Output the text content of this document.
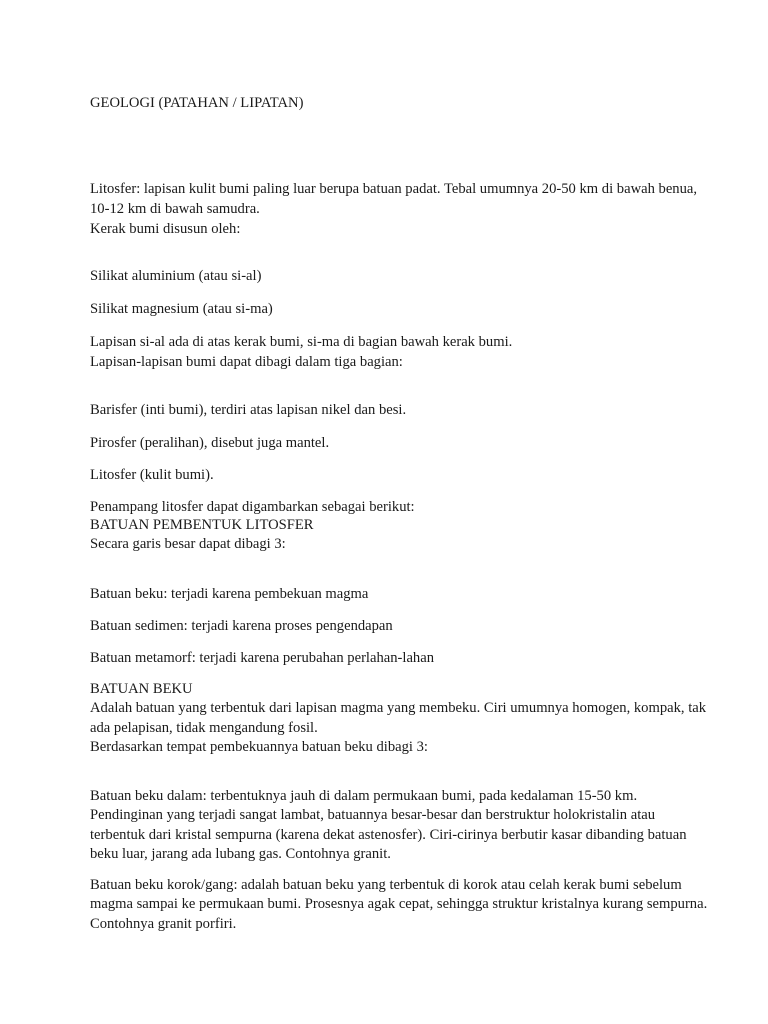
GEOLOGI (PATAHAN / LIPATAN)

Litosfer: lapisan kulit bumi paling luar berupa batuan padat. Tebal umumnya 20-50 km di bawah benua,

10-12 km di bawah samudra.

Kerak bumi disusun oleh:

Silikat aluminium (atau si-al)

Silikat magnesium (atau si-ma)

Lapisan si-al ada di atas kerak bumi, si-ma di bagian bawah kerak bumi.

Lapisan-lapisan bumi dapat dibagi dalam tiga bagian:

Barisfer (inti bumi), terdiri atas lapisan nikel dan besi.

Pirosfer (peralihan), disebut juga mantel.

Litosfer (kulit bumi).

Penampang litosfer dapat digambarkan sebagai berikut:

BATUAN PEMBENTUK LITOSFER

Secara garis besar dapat dibagi 3:

Batuan beku: terjadi karena pembekuan magma

Batuan sedimen: terjadi karena proses pengendapan

Batuan metamorf: terjadi karena perubahan perlahan-lahan

BATUAN BEKU

Adalah batuan yang terbentuk dari lapisan magma yang membeku. Ciri umumnya homogen, kompak, tak

ada pelapisan, tidak mengandung fosil.

Berdasarkan tempat pembekuannya batuan beku dibagi 3:

Batuan beku dalam: terbentuknya jauh di dalam permukaan bumi, pada kedalaman 15-50 km.

Pendinginan yang terjadi sangat lambat, batuannya besar-besar dan berstruktur holokristalin atau

terbentuk dari kristal sempurna (karena dekat astenosfer). Ciri-cirinya berbutir kasar dibanding batuan

beku luar, jarang ada lubang gas. Contohnya granit.

Batuan beku korok/gang: adalah batuan beku yang terbentuk di korok atau celah kerak bumi sebelum

magma sampai ke permukaan bumi. Prosesnya agak cepat, sehingga struktur kristalnya kurang sempurna.

Contohnya granit porfiri.
